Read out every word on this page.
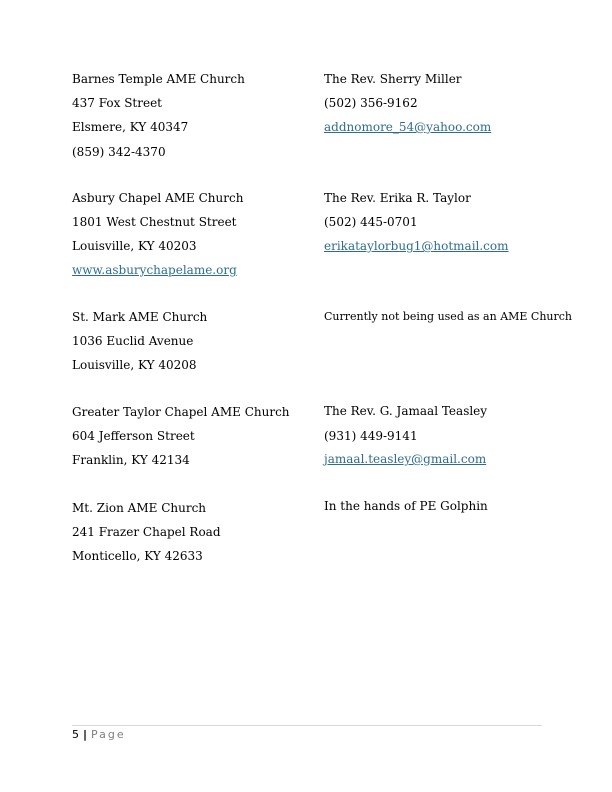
Barnes Temple AME Church
437 Fox Street
Elsmere, KY 40347
(859) 342-4370
The Rev. Sherry Miller
(502) 356-9162
addnomore_54@yahoo.com
Asbury Chapel AME Church
1801 West Chestnut Street
Louisville, KY 40203
www.asburychapelame.org
The Rev. Erika R. Taylor
(502) 445-0701
erikataylorbug1@hotmail.com
St. Mark AME Church
1036 Euclid Avenue
Louisville, KY 40208
Currently not being used as an AME Church
Greater Taylor Chapel AME Church
604 Jefferson Street
Franklin, KY 42134
The Rev. G. Jamaal Teasley
(931) 449-9141
jamaal.teasley@gmail.com
Mt. Zion AME Church
241 Frazer Chapel Road
Monticello, KY 42633
In the hands of PE Golphin
5 | Page
